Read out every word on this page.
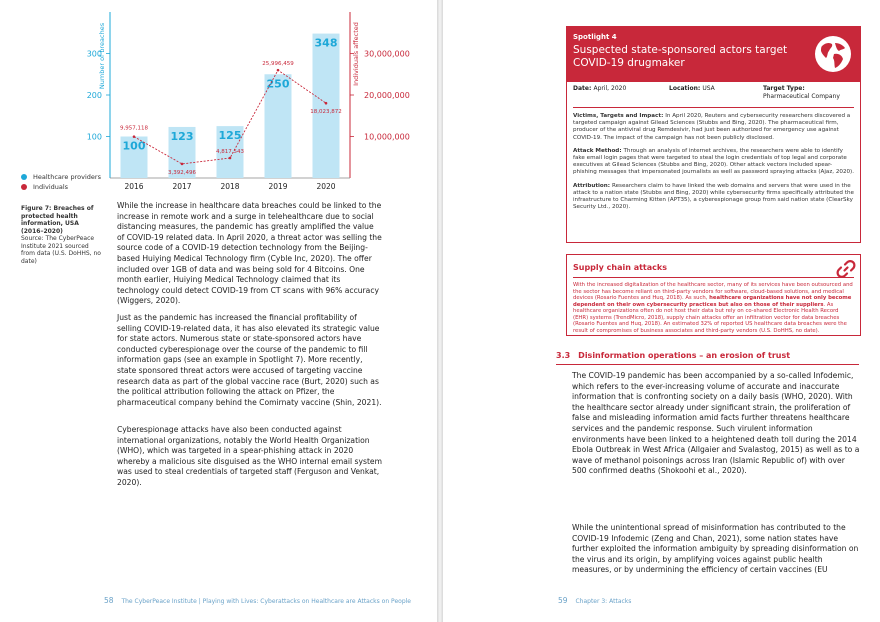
100
200
300
10,000,000
20,000,000
30,000,000
Number of breaches	Individuals affected
100
123 125
250
348
9,957,118
3,392,496
4,817,543
25,996,459
18,023,872
2016	2017	2018	2019	2020
Healthcare providers
Individuals
Figure 7: Breaches of protected health information, USA (2016–2020)
Source: The CyberPeace Institute 2021 sourced from data (U.S. DoHHS, no date)

While the increase in healthcare data breaches could be linked to the increase in remote work and a surge in telehealthcare due to social distancing measures, the pandemic has greatly amplified the value of COVID-19 related data. In April 2020, a threat actor was selling the source code of a COVID-19 detection technology from the Beijing-based Huiying Medical Technology firm (Cyble Inc, 2020). The offer included over 1GB of data and was being sold for 4 Bitcoins. One month earlier, Huiying Medical Technology claimed that its technology could detect COVID-19 from CT scans with 96% accuracy (Wiggers, 2020).

Just as the pandemic has increased the financial profitability of selling COVID-19-related data, it has also elevated its strategic value for state actors. Numerous state or state-sponsored actors have conducted cyberespionage over the course of the pandemic to fill information gaps (see an example in Spotlight 7). More recently, state sponsored threat actors were accused of targeting vaccine research data as part of the global vaccine race (Burt, 2020) such as the political attribution following the attack on Pfizer, the pharmaceutical company behind the Comirnaty vaccine (Shin, 2021).

Cyberespionage attacks have also been conducted against international organizations, notably the World Health Organization (WHO), which was targeted in a spear-phishing attack in 2020 whereby a malicious site disguised as the WHO internal email system was used to steal credentials of targeted staff (Ferguson and Venkat, 2020).

58 The CyberPeace Institute | Playing with Lives: Cyberattacks on Healthcare are Attacks on People
Spotlight 4
Suspected state-sponsored actors target COVID-19 drugmaker
Date: April, 2020	Location: USA	Target Type:
Pharmaceutical Company

Victims, Targets and Impact: In April 2020, Reuters and cybersecurity researchers discovered a targeted campaign against Gilead Sciences (Stubbs and Bing, 2020). The pharmaceutical firm, producer of the antiviral drug Remdesivir, had just been authorized for emergency use against COVID-19. The impact of the campaign has not been publicly disclosed.

Attack Method: Through an analysis of internet archives, the researchers were able to identify fake email login pages that were targeted to steal the login credentials of top legal and corporate executives at Gilead Sciences (Stubbs and Bing, 2020). Other attack vectors included spear-phishing messages that impersonated journalists as well as password spraying attacks (Ajaz, 2020).

Attribution: Researchers claim to have linked the web domains and servers that were used in the attack to a nation state (Stubbs and Bing, 2020) while cybersecurity firms specifically attributed the infrastructure to Charming Kitten (APT35), a cyberespionage group from said nation state (ClearSky Security Ltd., 2020).

Supply chain attacks
With the increased digitalization of the healthcare sector, many of its services have been outsourced and the sector has become reliant on third-party vendors for software, cloud-based solutions, and medical devices (Rosario Fuentes and Huq, 2018). As such, healthcare organizations have not only become dependent on their own cybersecurity practices but also on those of their suppliers. As healthcare organizations often do not host their data but rely on co-shared Electronic Health Record (EHR) systems (TrendMicro, 2018), supply chain attacks offer an infiltration vector for data breaches (Rosario Fuentes and Huq, 2018). An estimated 32% of reported US healthcare data breaches were the result of compromises of business associates and third-party vendors (U.S. DoHHS, no date).
3.3 Disinformation operations – an erosion of trust

The COVID-19 pandemic has been accompanied by a so-called Infodemic, which refers to the ever-increasing volume of accurate and inaccurate information that is confronting society on a daily basis (WHO, 2020). With the healthcare sector already under significant strain, the proliferation of false and misleading information amid facts further threatens healthcare services and the pandemic response. Such virulent information environments have been linked to a heightened death toll during the 2014 Ebola Outbreak in West Africa (Allgaier and Svalastog, 2015) as well as to a wave of methanol poisonings across Iran (Islamic Republic of) with over 500 confirmed deaths (Shokoohi et al., 2020).

While the unintentional spread of misinformation has contributed to the COVID-19 Infodemic (Zeng and Chan, 2021), some nation states have further exploited the information ambiguity by spreading disinformation on the virus and its origin, by amplifying voices against public health measures, or by undermining the efficiency of certain vaccines (EU

59 Chapter 3: Attacks
